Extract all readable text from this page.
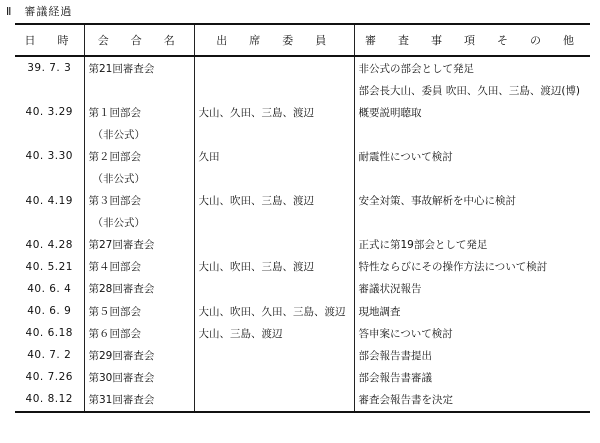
Ⅱ　審議経過
日　時	会　合　名	出　席　委　員	審　査　事　項　そ　の　他
39. 7. 3	第21回審査会		非公式の部会として発足
			部会長大山、委員 吹田、久田、三島、渡辺(博)
40. 3.29	第１回部会	大山、久田、三島、渡辺	概要説明聴取
	（非公式）		
40. 3.30	第２回部会	久田	耐震性について検討
	（非公式）		
40. 4.19	第３回部会	大山、吹田、三島、渡辺	安全対策、事故解析を中心に検討
	（非公式）		
40. 4.28	第27回審査会		正式に第19部会として発足
40. 5.21	第４回部会	大山、吹田、三島、渡辺	特性ならびにその操作方法について検討
40. 6. 4	第28回審査会		審議状況報告
40. 6. 9	第５回部会	大山、吹田、久田、三島、渡辺	現地調査
40. 6.18	第６回部会	大山、三島、渡辺	答申案について検討
40. 7. 2	第29回審査会		部会報告書提出
40. 7.26	第30回審査会		部会報告書審議
40. 8.12	第31回審査会		審査会報告書を決定
